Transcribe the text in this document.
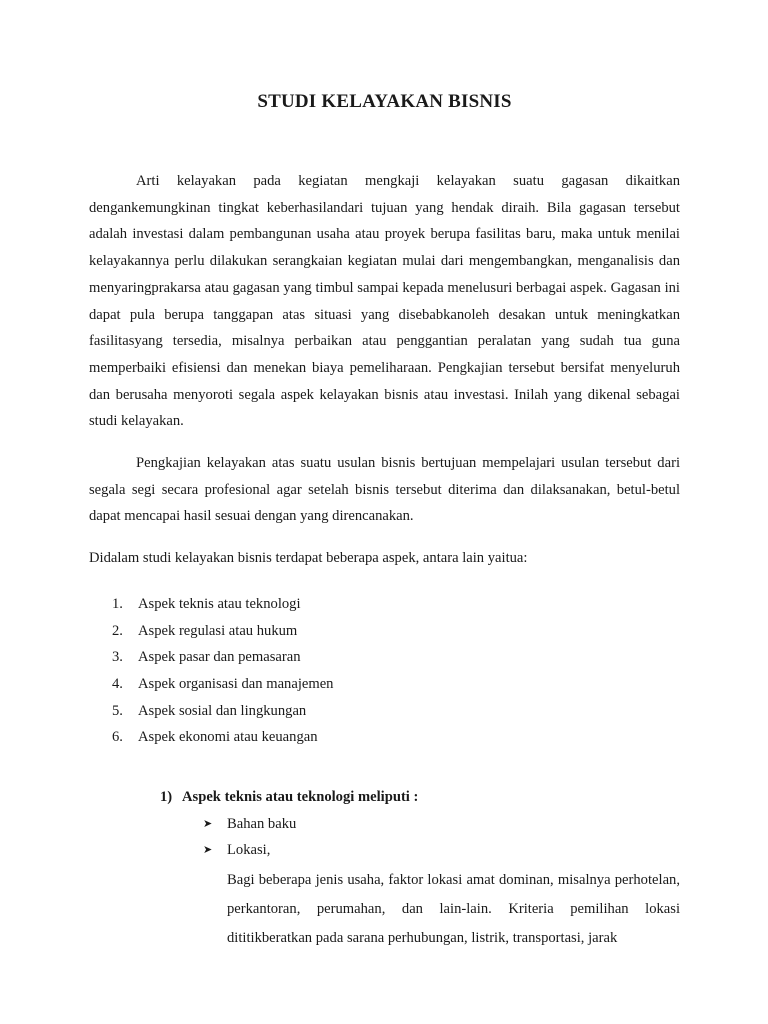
STUDI KELAYAKAN BISNIS

Arti kelayakan pada kegiatan mengkaji kelayakan suatu gagasan dikaitkan dengankemungkinan tingkat keberhasilandari tujuan yang hendak diraih. Bila gagasan tersebut adalah investasi dalam pembangunan usaha atau proyek berupa fasilitas baru, maka untuk menilai kelayakannya perlu dilakukan serangkaian kegiatan mulai dari mengembangkan, menganalisis dan menyaringprakarsa atau gagasan yang timbul sampai kepada menelusuri berbagai aspek. Gagasan ini dapat pula berupa tanggapan atas situasi yang disebabkanoleh desakan untuk meningkatkan fasilitasyang tersedia, misalnya perbaikan atau penggantian peralatan yang sudah tua guna memperbaiki efisiensi dan menekan biaya pemeliharaan. Pengkajian tersebut bersifat menyeluruh dan berusaha menyoroti segala aspek kelayakan bisnis atau investasi. Inilah yang dikenal sebagai studi kelayakan.

Pengkajian kelayakan atas suatu usulan bisnis bertujuan mempelajari usulan tersebut dari segala segi secara profesional agar setelah bisnis tersebut diterima dan dilaksanakan, betul-betul dapat mencapai hasil sesuai dengan yang direncanakan.

Didalam studi kelayakan bisnis terdapat beberapa aspek, antara lain yaitua:

1.	Aspek teknis atau teknologi
2.	Aspek regulasi atau hukum
3.	Aspek pasar dan pemasaran
4.	Aspek organisasi dan manajemen
5.	Aspek sosial dan lingkungan
6.	Aspek ekonomi atau keuangan
1) Aspek teknis atau teknologi meliputi :
➤	Bahan baku
➤	Lokasi,

Bagi beberapa jenis usaha, faktor lokasi amat dominan, misalnya perhotelan, perkantoran, perumahan, dan lain-lain. Kriteria pemilihan lokasi dititikberatkan pada sarana perhubungan, listrik, transportasi, jarak
